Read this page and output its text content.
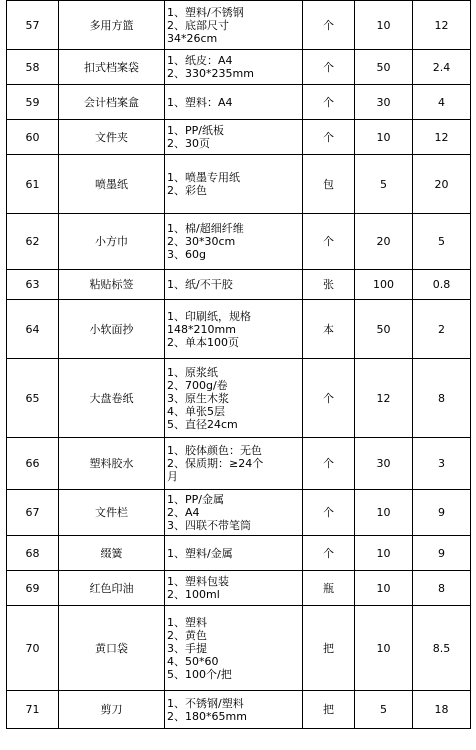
57	多用方篮	1、塑料/不锈钢
2、底部尺寸
34*26cm	个	10	12
58	扣式档案袋	1、纸皮：A4
2、330*235mm	个	50	2.4
59	会计档案盒	1、塑料：A4	个	30	4
60	文件夹	1、PP/纸板
2、30页	个	10	12
61	喷墨纸	1、喷墨专用纸
2、彩色	包	5	20
62	小方巾	1、棉/超细纤维
2、30*30cm
3、60g	个	20	5
63	粘贴标签	1、纸/不干胶	张	100	0.8
64	小软面抄	1、印刷纸，规格
148*210mm
2、单本100页	本	50	2
65	大盘卷纸	1、原浆纸
2、700g/卷
3、原生木浆
4、单张5层
5、直径24cm	个	12	8
66	塑料胶水	1、胶体颜色：无色
2、保质期：≥24个
月	个	30	3
67	文件栏	1、PP/金属
2、A4
3、四联不带笔筒	个	10	9
68	缀簧	1、塑料/金属	个	10	9
69	红色印油	1、塑料包装
2、100ml	瓶	10	8
70	黄口袋	1、塑料
2、黄色
3、手提
4、50*60
5、100个/把	把	10	8.5
71	剪刀	1、不锈钢/塑料
2、180*65mm	把	5	18
